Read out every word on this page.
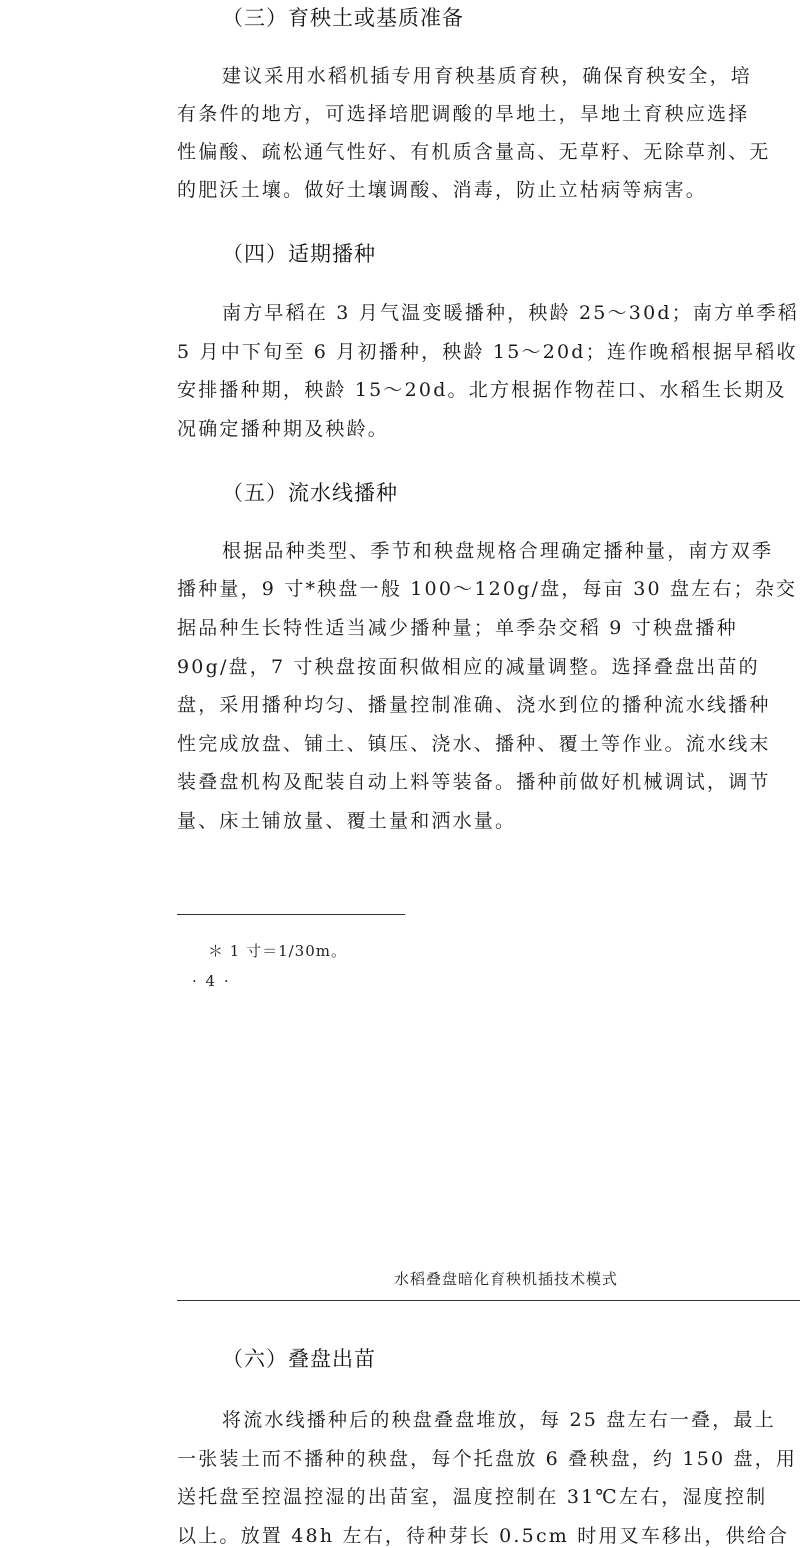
（三）育秧土或基质准备
建议采用水稻机插专用育秧基质育秧，确保育秧安全，培
有条件的地方，可选择培肥调酸的旱地土，旱地土育秧应选择
性偏酸、疏松通气性好、有机质含量高、无草籽、无除草剂、无
的肥沃土壤。做好土壤调酸、消毒，防止立枯病等病害。
（四）适期播种
南方早稻在 3 月气温变暖播种，秧龄 25～30d；南方单季稻
5 月中下旬至 6 月初播种，秧龄 15～20d；连作晚稻根据早稻收
安排播种期，秧龄 15～20d。北方根据作物茬口、水稻生长期及
况确定播种期及秧龄。
（五）流水线播种
根据品种类型、季节和秧盘规格合理确定播种量，南方双季
播种量，9 寸*秧盘一般 100～120g/盘，每亩 30 盘左右；杂交
据品种生长特性适当减少播种量；单季杂交稻 9 寸秧盘播种
90g/盘，7 寸秧盘按面积做相应的减量调整。选择叠盘出苗的
盘，采用播种均匀、播量控制准确、浇水到位的播种流水线播种
性完成放盘、铺土、镇压、浇水、播种、覆土等作业。流水线末
装叠盘机构及配装自动上料等装备。播种前做好机械调试，调节
量、床土铺放量、覆土量和洒水量。
＊ 1 寸＝1/30m。
· 4 ·
水稻叠盘暗化育秧机插技术模式
（六）叠盘出苗
将流水线播种后的秧盘叠盘堆放，每 25 盘左右一叠，最上
一张装土而不播种的秧盘，每个托盘放 6 叠秧盘，约 150 盘，用
送托盘至控温控湿的出苗室，温度控制在 31℃左右，湿度控制
以上。放置 48h 左右，待种芽长 0.5cm 时用叉车移出，供给合
